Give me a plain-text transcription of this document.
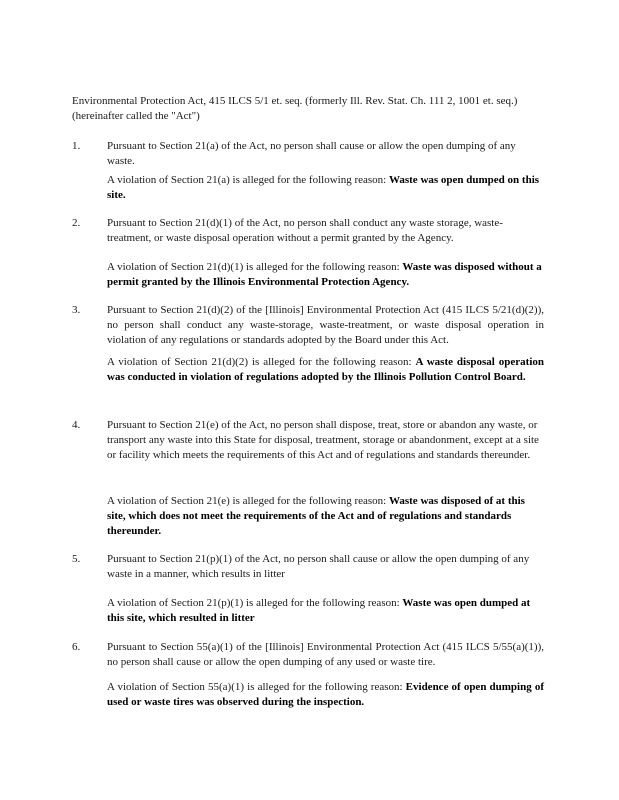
Environmental Protection Act, 415 ILCS 5/1 et. seq. (formerly Ill. Rev. Stat. Ch. 111 2, 1001 et. seq.) (hereinafter called the "Act")
1. Pursuant to Section 21(a) of the Act, no person shall cause or allow the open dumping of any waste.
A violation of Section 21(a) is alleged for the following reason: Waste was open dumped on this site.
2. Pursuant to Section 21(d)(1) of the Act, no person shall conduct any waste storage, waste-treatment, or waste disposal operation without a permit granted by the Agency.
A violation of Section 21(d)(1) is alleged for the following reason: Waste was disposed without a permit granted by the Illinois Environmental Protection Agency.
3. Pursuant to Section 21(d)(2) of the [Illinois] Environmental Protection Act (415 ILCS 5/21(d)(2)), no person shall conduct any waste-storage, waste-treatment, or waste disposal operation in violation of any regulations or standards adopted by the Board under this Act.
A violation of Section 21(d)(2) is alleged for the following reason: A waste disposal operation was conducted in violation of regulations adopted by the Illinois Pollution Control Board.
4. Pursuant to Section 21(e) of the Act, no person shall dispose, treat, store or abandon any waste, or transport any waste into this State for disposal, treatment, storage or abandonment, except at a site or facility which meets the requirements of this Act and of regulations and standards thereunder.
A violation of Section 21(e) is alleged for the following reason: Waste was disposed of at this site, which does not meet the requirements of the Act and of regulations and standards thereunder.
5. Pursuant to Section 21(p)(1) of the Act, no person shall cause or allow the open dumping of any waste in a manner, which results in litter
A violation of Section 21(p)(1) is alleged for the following reason: Waste was open dumped at this site, which resulted in litter
6. Pursuant to Section 55(a)(1) of the [Illinois] Environmental Protection Act (415 ILCS 5/55(a)(1)), no person shall cause or allow the open dumping of any used or waste tire.
A violation of Section 55(a)(1) is alleged for the following reason: Evidence of open dumping of used or waste tires was observed during the inspection.
